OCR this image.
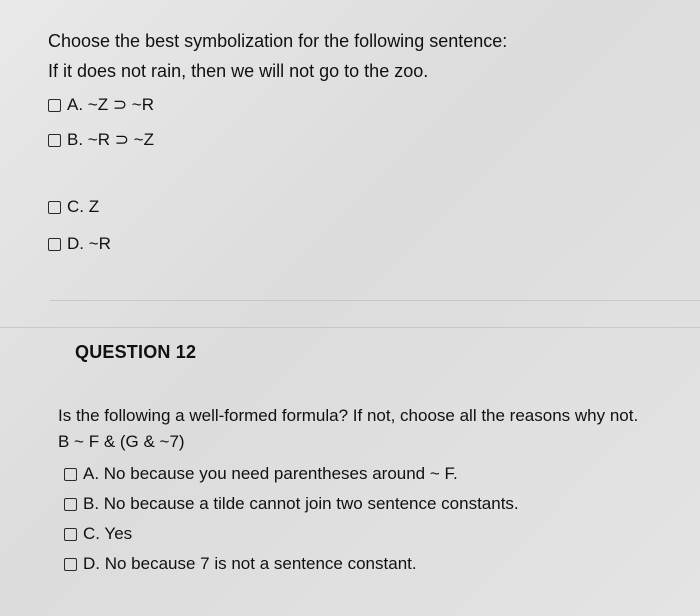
Choose the best symbolization for the following sentence:
If it does not rain, then we will not go to the zoo.
A. ~Z ⊃ ~R
B. ~R ⊃ ~Z
C. Z
D. ~R
QUESTION 12
Is the following a well-formed formula? If not, choose all the reasons why not.
B ~ F & (G & ~7)
A. No because you need parentheses around ~ F.
B. No because a tilde cannot join two sentence constants.
C. Yes
D. No because 7 is not a sentence constant.
